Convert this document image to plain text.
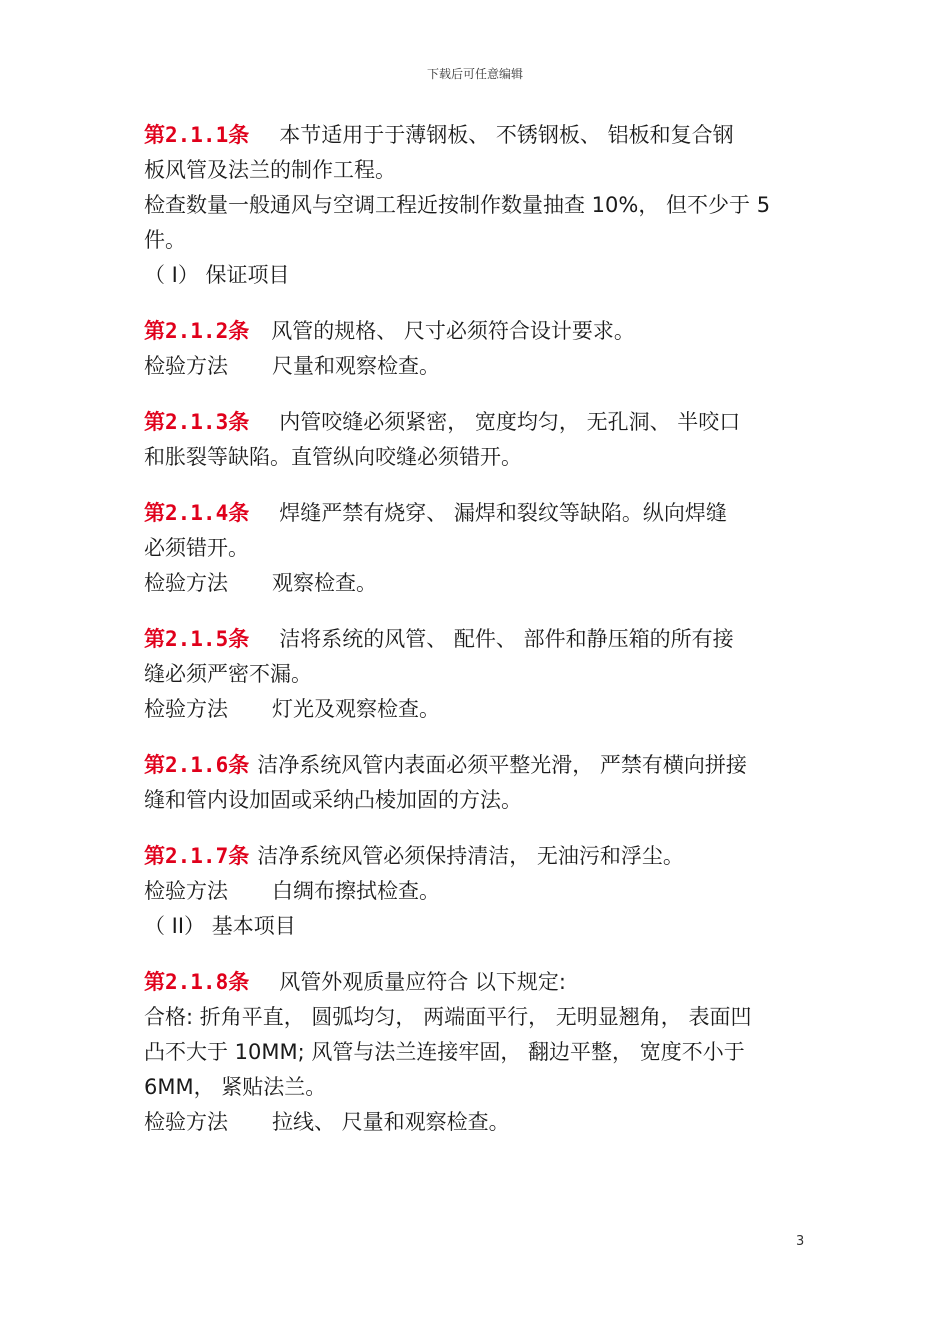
下载后可任意编辑
第2.1.1条 本节适用于于薄钢板、 不锈钢板、 铝板和复合钢
板风管及法兰的制作工程。
检查数量一般通风与空调工程近按制作数量抽查 10%， 但不少于 5
件。
（ I） 保证项目
第2.1.2条 风管的规格、 尺寸必须符合设计要求。
检验方法 尺量和观察检查。
第2.1.3条 内管咬缝必须紧密， 宽度均匀， 无孔洞、 半咬口
和胀裂等缺陷。直管纵向咬缝必须错开。
第2.1.4条 焊缝严禁有烧穿、 漏焊和裂纹等缺陷。纵向焊缝
必须错开。
检验方法 观察检查。
第2.1.5条 洁将系统的风管、 配件、 部件和静压箱的所有接
缝必须严密不漏。
检验方法 灯光及观察检查。
第2.1.6条 洁净系统风管内表面必须平整光滑， 严禁有横向拼接
缝和管内设加固或采纳凸棱加固的方法。
第2.1.7条 洁净系统风管必须保持清洁， 无油污和浮尘。
检验方法 白绸布擦拭检查。
（ II） 基本项目
第2.1.8条 风管外观质量应符合 以下规定:
合格: 折角平直， 圆弧均匀， 两端面平行， 无明显翘角， 表面凹
凸不大于 10MM; 风管与法兰连接牢固， 翻边平整， 宽度不小于
6MM， 紧贴法兰。
检验方法 拉线、 尺量和观察检查。
3
